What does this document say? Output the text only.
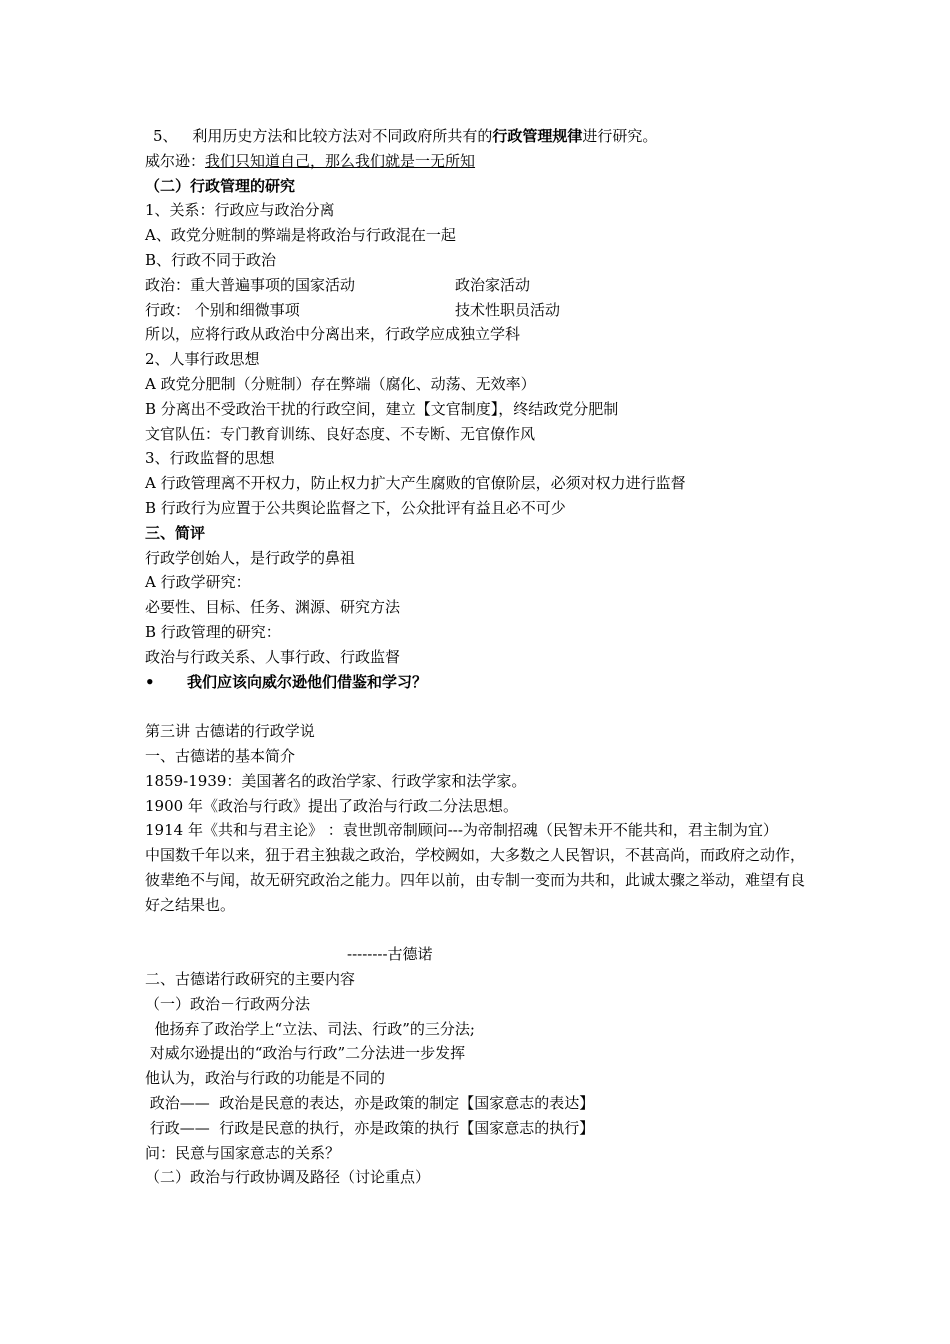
5、 利用历史方法和比较方法对不同政府所共有的行政管理规律进行研究。
威尔逊：我们只知道自己，那么我们就是一无所知
（二）行政管理的研究
1、关系：行政应与政治分离
A、政党分赃制的弊端是将政治与行政混在一起
B、行政不同于政治
政治：重大普遍事项的国家活动	政治家活动
行政： 个别和细微事项	技术性职员活动
所以，应将行政从政治中分离出来，行政学应成独立学科
2、人事行政思想
A 政党分肥制（分赃制）存在弊端（腐化、动荡、无效率）
B 分离出不受政治干扰的行政空间，建立【文官制度】，终结政党分肥制
文官队伍：专门教育训练、良好态度、不专断、无官僚作风
3、行政监督的思想
A 行政管理离不开权力，防止权力扩大产生腐败的官僚阶层，必须对权力进行监督
B 行政行为应置于公共舆论监督之下，公众批评有益且必不可少
三、简评
行政学创始人，是行政学的鼻祖
A 行政学研究：
必要性、目标、任务、渊源、研究方法
B 行政管理的研究：
政治与行政关系、人事行政、行政监督
• 我们应该向威尔逊他们借鉴和学习？
第三讲 古德诺的行政学说
一、古德诺的基本简介
1859-1939：美国著名的政治学家、行政学家和法学家。
1900 年《政治与行政》提出了政治与行政二分法思想。
1914 年《共和与君主论》 ：袁世凯帝制顾问---为帝制招魂（民智未开不能共和，君主制为宜）
中国数千年以来，狃于君主独裁之政治，学校阙如，大多数之人民智识，不甚高尚，而政府之动作，彼辈绝不与闻，故无研究政治之能力。四年以前，由专制一变而为共和，此诚太骤之举动，难望有良好之结果也。
--------古德诺
二、古德诺行政研究的主要内容
（一）政治－行政两分法
他扬弃了政治学上“立法、司法、行政”的三分法;
对威尔逊提出的“政治与行政”二分法进一步发挥
他认为，政治与行政的功能是不同的
政治——  政治是民意的表达，亦是政策的制定【国家意志的表达】
行政——  行政是民意的执行，亦是政策的执行【国家意志的执行】
问：民意与国家意志的关系？
（二）政治与行政协调及路径（讨论重点）
